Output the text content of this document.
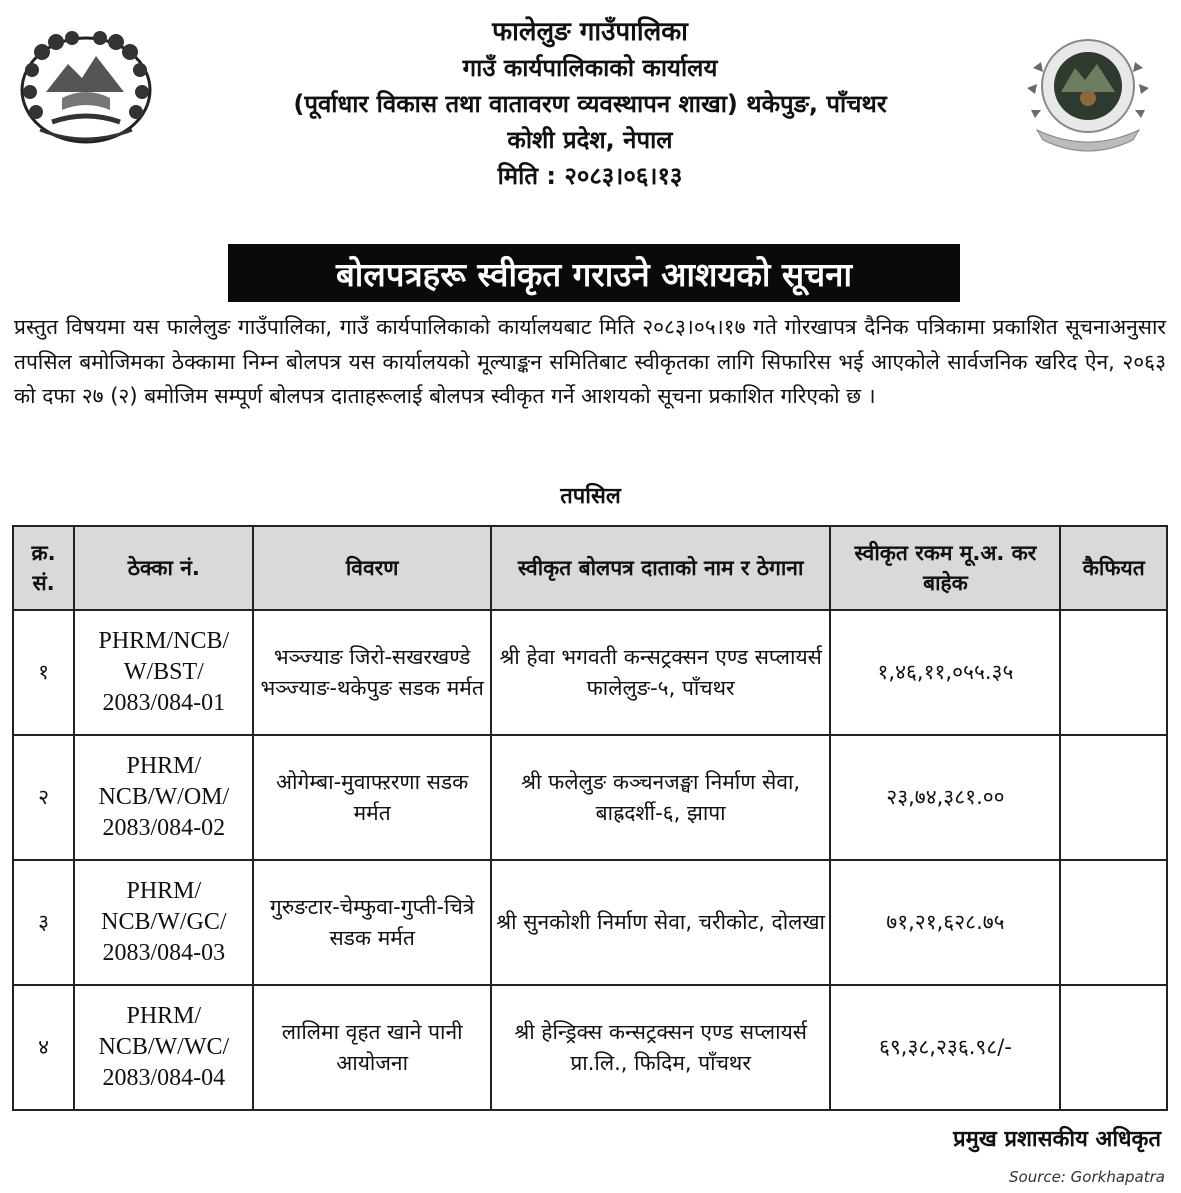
फालेलुङ गाउँपालिका
गाउँ कार्यपालिकाको कार्यालय
(पूर्वाधार विकास तथा वातावरण व्यवस्थापन शाखा) थकेपुङ, पाँचथर
कोशी प्रदेश, नेपाल
मिति : २०८३।०६।१३
बोलपत्रहरू स्वीकृत गराउने आशयको सूचना
प्रस्तुत विषयमा यस फालेलुङ गाउँपालिका, गाउँ कार्यपालिकाको कार्यालयबाट मिति २०८३।०५।१७ गते गोरखापत्र दैनिक पत्रिकामा प्रकाशित सूचनाअनुसार तपसिल बमोजिमका ठेक्कामा निम्न बोलपत्र यस कार्यालयको मूल्याङ्कन समितिबाट स्वीकृतका लागि सिफारिस भई आएकोले सार्वजनिक खरिद ऐन, २०६३ को दफा २७ (२) बमोजिम सम्पूर्ण बोलपत्र दाताहरूलाई बोलपत्र स्वीकृत गर्ने आशयको सूचना प्रकाशित गरिएको छ ।
तपसिल
क्र. सं.	ठेक्का नं.	विवरण	स्वीकृत बोलपत्र दाताको नाम र ठेगाना	स्वीकृत रकम मू.अ. कर बाहेक	कैफियत
१	PHRM/NCB/ W/BST/ 2083/084-01	भञ्ज्याङ जिरो-सखरखण्डे भञ्ज्याङ-थकेपुङ सडक मर्मत	श्री हेवा भगवती कन्सट्रक्सन एण्ड सप्लायर्स फालेलुङ-५, पाँचथर	१,४६,११,०५५.३५	
२	PHRM/ NCB/W/OM/ 2083/084-02	ओगेम्बा-मुवाफ्ऱरणा सडक मर्मत	श्री फलेलुङ कञ्चनजङ्घा निर्माण सेवा, बाह्रदर्शी-६, झापा	२३,७४,३८१.००	
३	PHRM/ NCB/W/GC/ 2083/084-03	गुरुङटार-चेम्फुवा-गुप्ती-चित्रे सडक मर्मत	श्री सुनकोशी निर्माण सेवा, चरीकोट, दोलखा	७१,२१,६२८.७५	
४	PHRM/ NCB/W/WC/ 2083/084-04	लालिमा वृहत खाने पानी आयोजना	श्री हेन्ड्रिक्स कन्सट्रक्सन एण्ड सप्लायर्स प्रा.लि., फिदिम, पाँचथर	६९,३८,२३६.९८/-	
प्रमुख प्रशासकीय अधिकृत
Source: Gorkhapatra
